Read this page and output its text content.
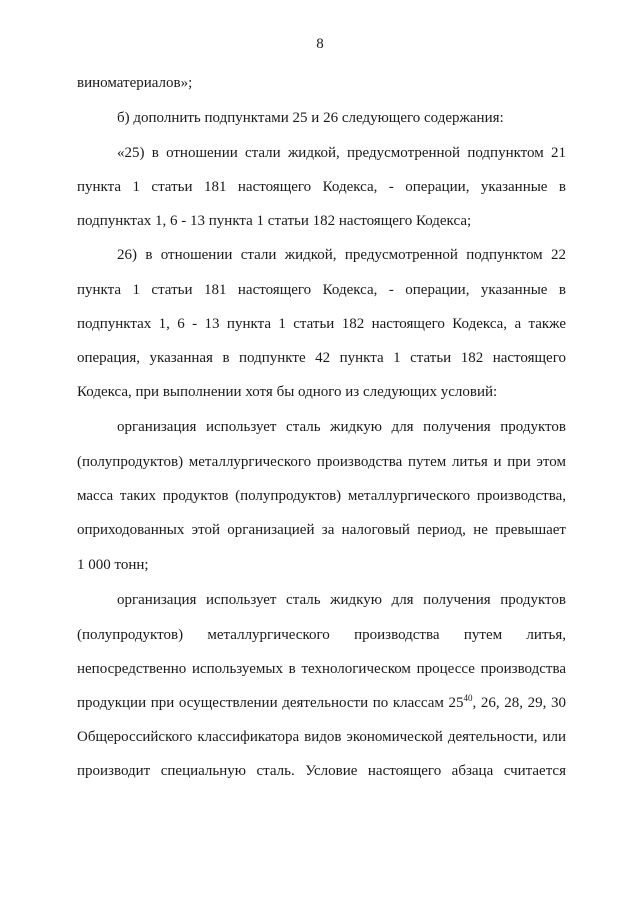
8
виноматериалов»;
б) дополнить подпунктами 25 и 26 следующего содержания:
«25) в отношении стали жидкой, предусмотренной подпунктом 21
пункта 1 статьи 181 настоящего Кодекса, - операции, указанные в
подпунктах 1, 6 - 13 пункта 1 статьи 182 настоящего Кодекса;
26) в отношении стали жидкой, предусмотренной подпунктом 22
пункта 1 статьи 181 настоящего Кодекса, - операции, указанные в
подпунктах 1, 6 - 13 пункта 1 статьи 182 настоящего Кодекса, а также
операция, указанная в подпункте 42 пункта 1 статьи 182 настоящего
Кодекса, при выполнении хотя бы одного из следующих условий:
организация использует сталь жидкую для получения продуктов
(полупродуктов) металлургического производства путем литья и при этом
масса таких продуктов (полупродуктов) металлургического производства,
оприходованных этой организацией за налоговый период, не превышает
1 000 тонн;
организация использует сталь жидкую для получения продуктов
(полупродуктов) металлургического производства путем литья,
непосредственно используемых в технологическом процессе производства
продукции при осуществлении деятельности по классам $25^{40}$, 26, 28, 29, 30
Общероссийского классификатора видов экономической деятельности, или
производит специальную сталь. Условие настоящего абзаца считается
